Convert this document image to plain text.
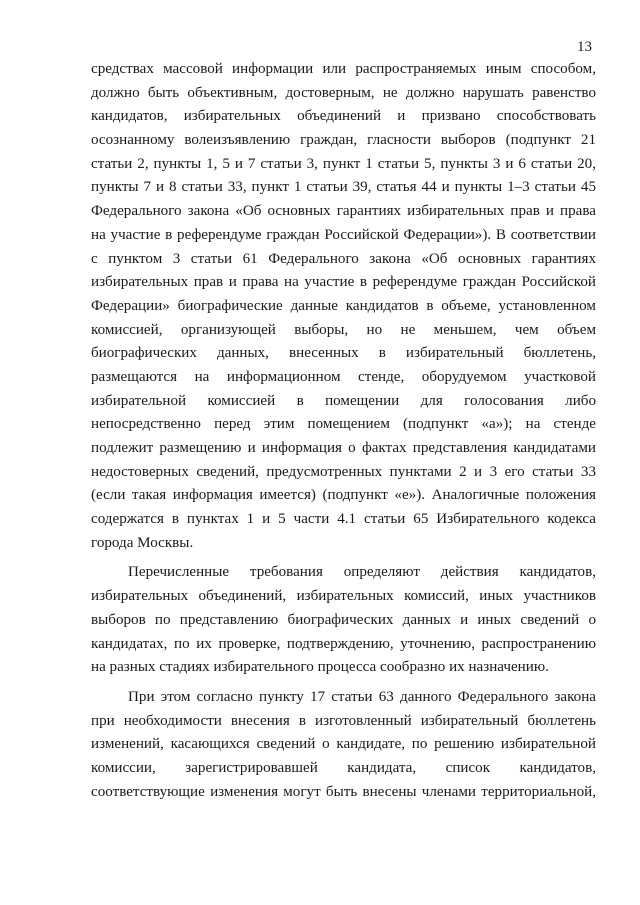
13
средствах массовой информации или распространяемых иным способом,
должно быть объективным, достоверным, не должно нарушать равенство
кандидатов, избирательных объединений и призвано способствовать
осознанному волеизъявлению граждан, гласности выборов (подпункт 21
статьи 2, пункты 1, 5 и 7 статьи 3, пункт 1 статьи 5, пункты 3 и 6 статьи 20,
пункты 7 и 8 статьи 33, пункт 1 статьи 39, статья 44 и пункты 1–3 статьи 45
Федерального закона «Об основных гарантиях избирательных прав и права
на участие в референдуме граждан Российской Федерации»). В соответствии
с пунктом 3 статьи 61 Федерального закона «Об основных гарантиях
избирательных прав и права на участие в референдуме граждан Российской
Федерации» биографические данные кандидатов в объеме, установленном
комиссией, организующей выборы, но не меньшем, чем объем
биографических данных, внесенных в избирательный бюллетень,
размещаются на информационном стенде, оборудуемом участковой
избирательной комиссией в помещении для голосования либо
непосредственно перед этим помещением (подпункт «а»); на стенде
подлежит размещению и информация о фактах представления кандидатами
недостоверных сведений, предусмотренных пунктами 2 и 3 его статьи 33
(если такая информация имеется) (подпункт «е»). Аналогичные положения
содержатся в пунктах 1 и 5 части 4.1 статьи 65 Избирательного кодекса
города Москвы.
Перечисленные требования определяют действия кандидатов,
избирательных объединений, избирательных комиссий, иных участников
выборов по представлению биографических данных и иных сведений о
кандидатах, по их проверке, подтверждению, уточнению, распространению
на разных стадиях избирательного процесса сообразно их назначению.
При этом согласно пункту 17 статьи 63 данного Федерального закона
при необходимости внесения в изготовленный избирательный бюллетень
изменений, касающихся сведений о кандидате, по решению избирательной
комиссии, зарегистрировавшей кандидата, список кандидатов,
соответствующие изменения могут быть внесены членами территориальной,
